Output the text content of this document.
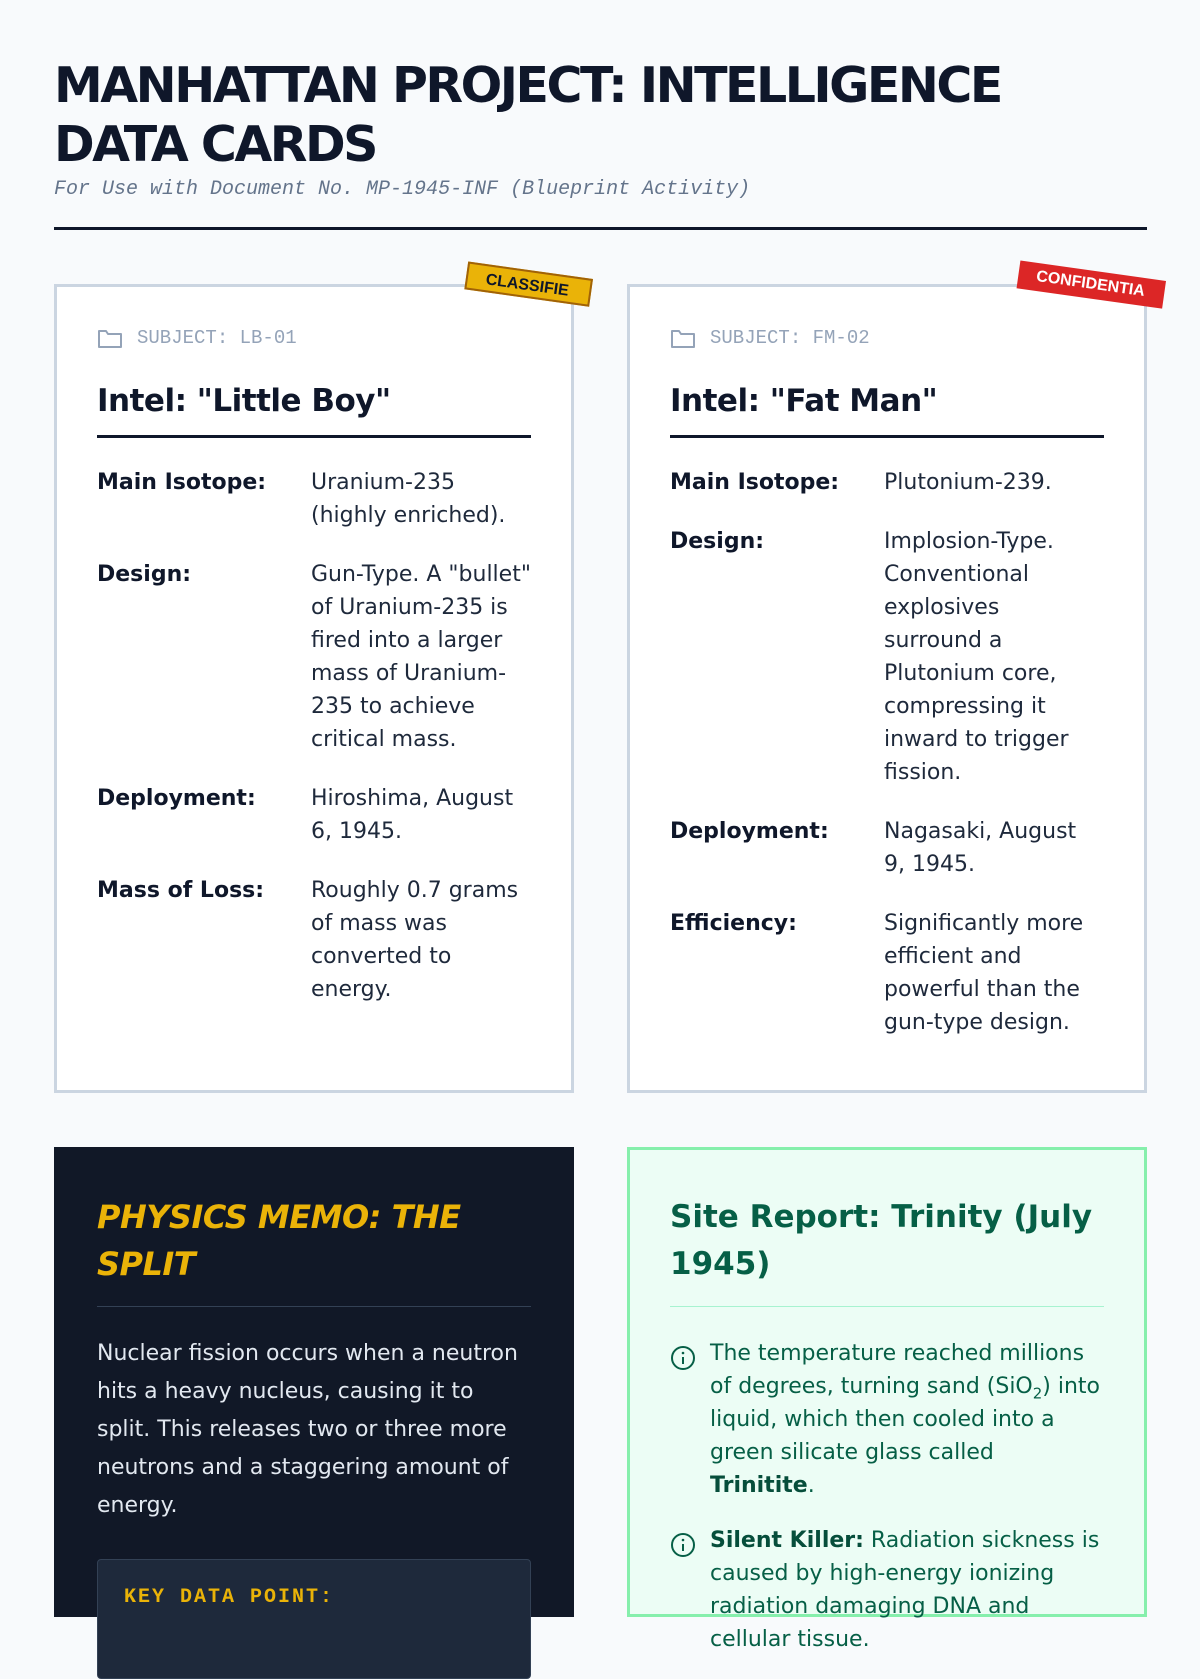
MANHATTAN PROJECT: INTELLIGENCE DATA CARDS
For Use with Document No. MP-1945-INF (Blueprint Activity)
CLASSIFIE
SUBJECT: LB-01
Intel: "Little Boy"
Main Isotope:	Uranium-235 (highly enriched).
Design:	Gun-Type. A "bullet" of Uranium-235 is fired into a larger mass of Uranium-235 to achieve critical mass.
Deployment:	Hiroshima, August 6, 1945.
Mass of Loss:	Roughly 0.7 grams of mass was converted to energy.
CONFIDENTIA
SUBJECT: FM-02
Intel: "Fat Man"
Main Isotope:	Plutonium-239.
Design:	Implosion-Type. Conventional explosives surround a Plutonium core, compressing it inward to trigger fission.
Deployment:	Nagasaki, August 9, 1945.
Efficiency:	Significantly more efficient and powerful than the gun-type design.
PHYSICS MEMO: THE SPLIT

Nuclear fission occurs when a neutron hits a heavy nucleus, causing it to split. This releases two or three more neutrons and a staggering amount of energy.

KEY DATA POINT:
Site Report: Trinity (July 1945)
The temperature reached millions of degrees, turning sand (SiO$_2$) into liquid, which then cooled into a green silicate glass called Trinitite.
Silent Killer: Radiation sickness is caused by high-energy ionizing radiation damaging DNA and cellular tissue.
